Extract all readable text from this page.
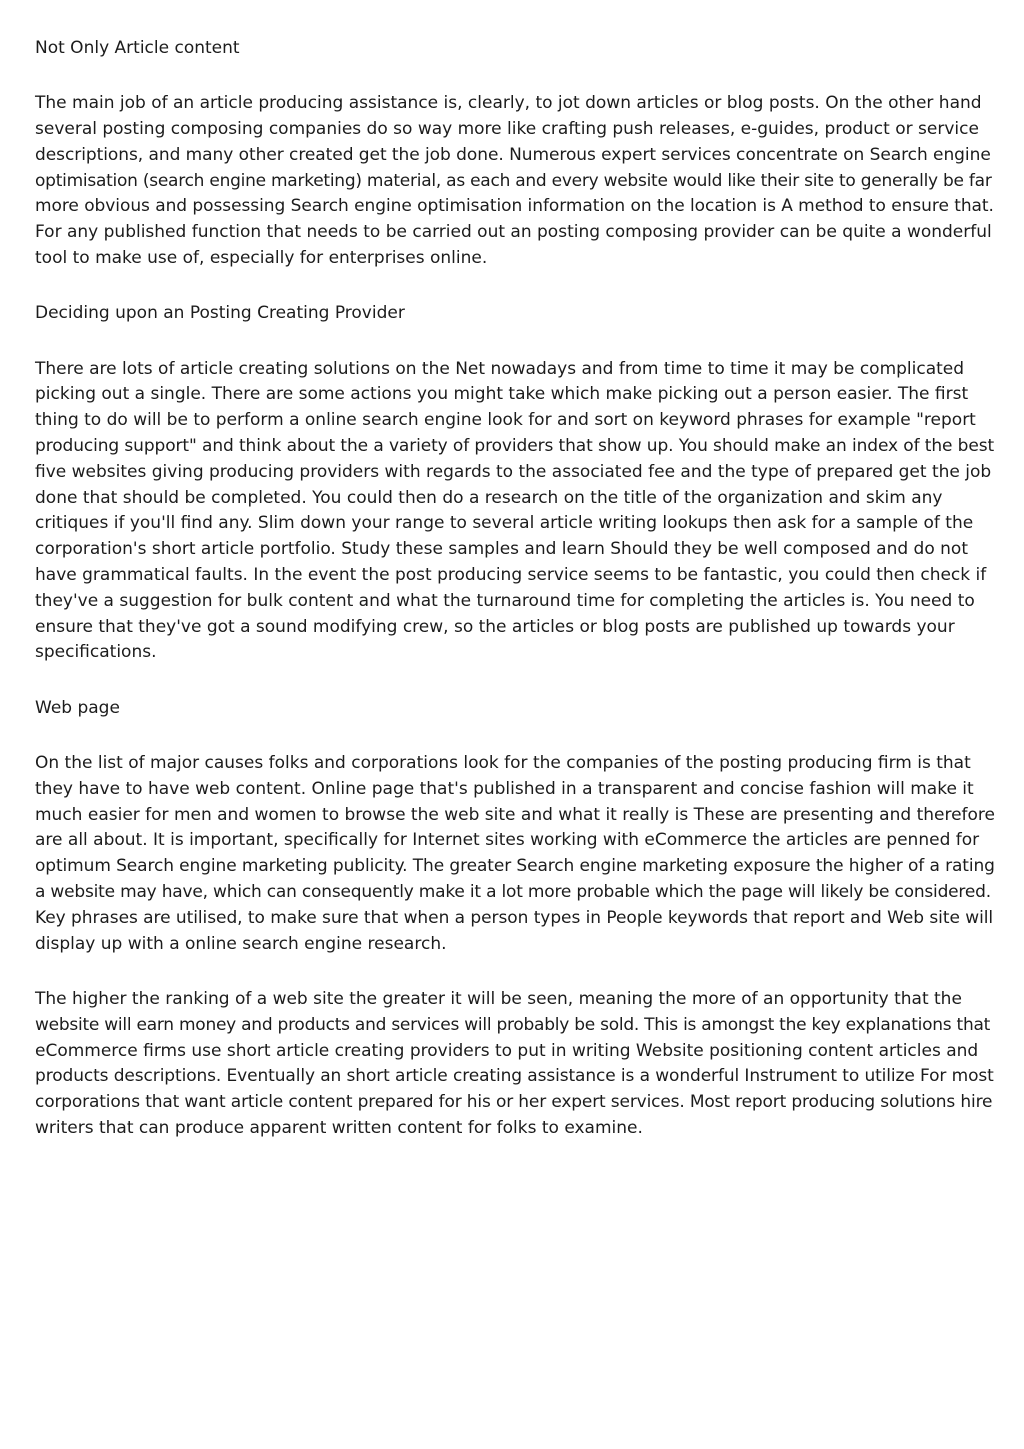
Not Only Article content
The main job of an article producing assistance is, clearly, to jot down articles or blog posts. On the other hand
several posting composing companies do so way more like crafting push releases, e-guides, product or service
descriptions, and many other created get the job done. Numerous expert services concentrate on Search engine
optimisation (search engine marketing) material, as each and every website would like their site to generally be far
more obvious and possessing Search engine optimisation information on the location is A method to ensure that.
For any published function that needs to be carried out an posting composing provider can be quite a wonderful
tool to make use of, especially for enterprises online.
Deciding upon an Posting Creating Provider
There are lots of article creating solutions on the Net nowadays and from time to time it may be complicated
picking out a single. There are some actions you might take which make picking out a person easier. The first
thing to do will be to perform a online search engine look for and sort on keyword phrases for example "report
producing support" and think about the a variety of providers that show up. You should make an index of the best
five websites giving producing providers with regards to the associated fee and the type of prepared get the job
done that should be completed. You could then do a research on the title of the organization and skim any
critiques if you'll find any. Slim down your range to several article writing lookups then ask for a sample of the
corporation's short article portfolio. Study these samples and learn Should they be well composed and do not
have grammatical faults. In the event the post producing service seems to be fantastic, you could then check if
they've a suggestion for bulk content and what the turnaround time for completing the articles is. You need to
ensure that they've got a sound modifying crew, so the articles or blog posts are published up towards your
specifications.
Web page
On the list of major causes folks and corporations look for the companies of the posting producing firm is that
they have to have web content. Online page that's published in a transparent and concise fashion will make it
much easier for men and women to browse the web site and what it really is These are presenting and therefore
are all about. It is important, specifically for Internet sites working with eCommerce the articles are penned for
optimum Search engine marketing publicity. The greater Search engine marketing exposure the higher of a rating
a website may have, which can consequently make it a lot more probable which the page will likely be considered.
Key phrases are utilised, to make sure that when a person types in People keywords that report and Web site will
display up with a online search engine research.
The higher the ranking of a web site the greater it will be seen, meaning the more of an opportunity that the
website will earn money and products and services will probably be sold. This is amongst the key explanations that
eCommerce firms use short article creating providers to put in writing Website positioning content articles and
products descriptions. Eventually an short article creating assistance is a wonderful Instrument to utilize For most
corporations that want article content prepared for his or her expert services. Most report producing solutions hire
writers that can produce apparent written content for folks to examine.
